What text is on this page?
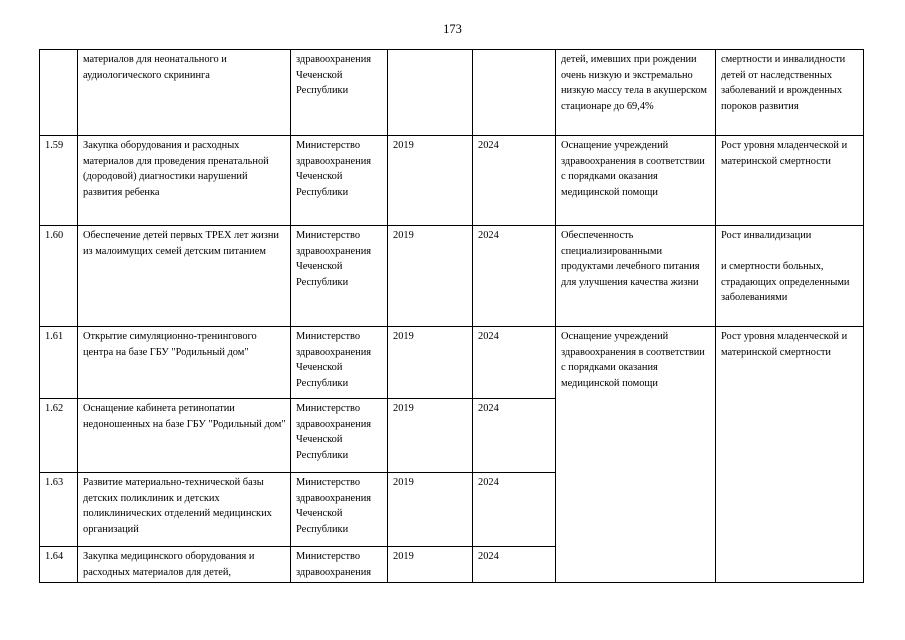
173
	материалов для неонатального и аудиологического скрининга	здравоохранения Чеченской Республики			детей, имевших при рождении очень низкую и экстремально низкую массу тела в акушерском стационаре до 69,4%	смертности и инвалидности детей от наследственных заболеваний и врожденных пороков развития
1.59	Закупка оборудования и расходных материалов для проведения пренатальной (дородовой) диагностики нарушений развития ребенка	Министерство здравоохранения Чеченской Республики	2019	2024	Оснащение учреждений здравоохранения в соответствии с порядками оказания медицинской помощи	Рост уровня младенческой и материнской смертности
1.60	Обеспечение детей первых ТРЕХ лет жизни из малоимущих семей детским питанием	Министерство здравоохранения Чеченской Республики	2019	2024	Обеспеченность специализированными продуктами лечебного питания для улучшения качества жизни	Рост инвалидизации
и смертности больных, страдающих определенными заболеваниями
1.61	Открытие симуляционно-тренингового центра на базе ГБУ "Родильный дом"	Министерство здравоохранения Чеченской Республики	2019	2024	Оснащение учреждений здравоохранения в соответствии с порядками оказания медицинской помощи	Рост уровня младенческой и материнской смертности
1.62	Оснащение кабинета ретинопатии недоношенных на базе ГБУ "Родильный дом"	Министерство здравоохранения Чеченской Республики	2019	2024		
1.63	Развитие материально-технической базы детских поликлиник и детских поликлинических отделений медицинских организаций	Министерство здравоохранения Чеченской Республики	2019	2024		
1.64	Закупка медицинского оборудования и расходных материалов для детей,	Министерство здравоохранения	2019	2024		
